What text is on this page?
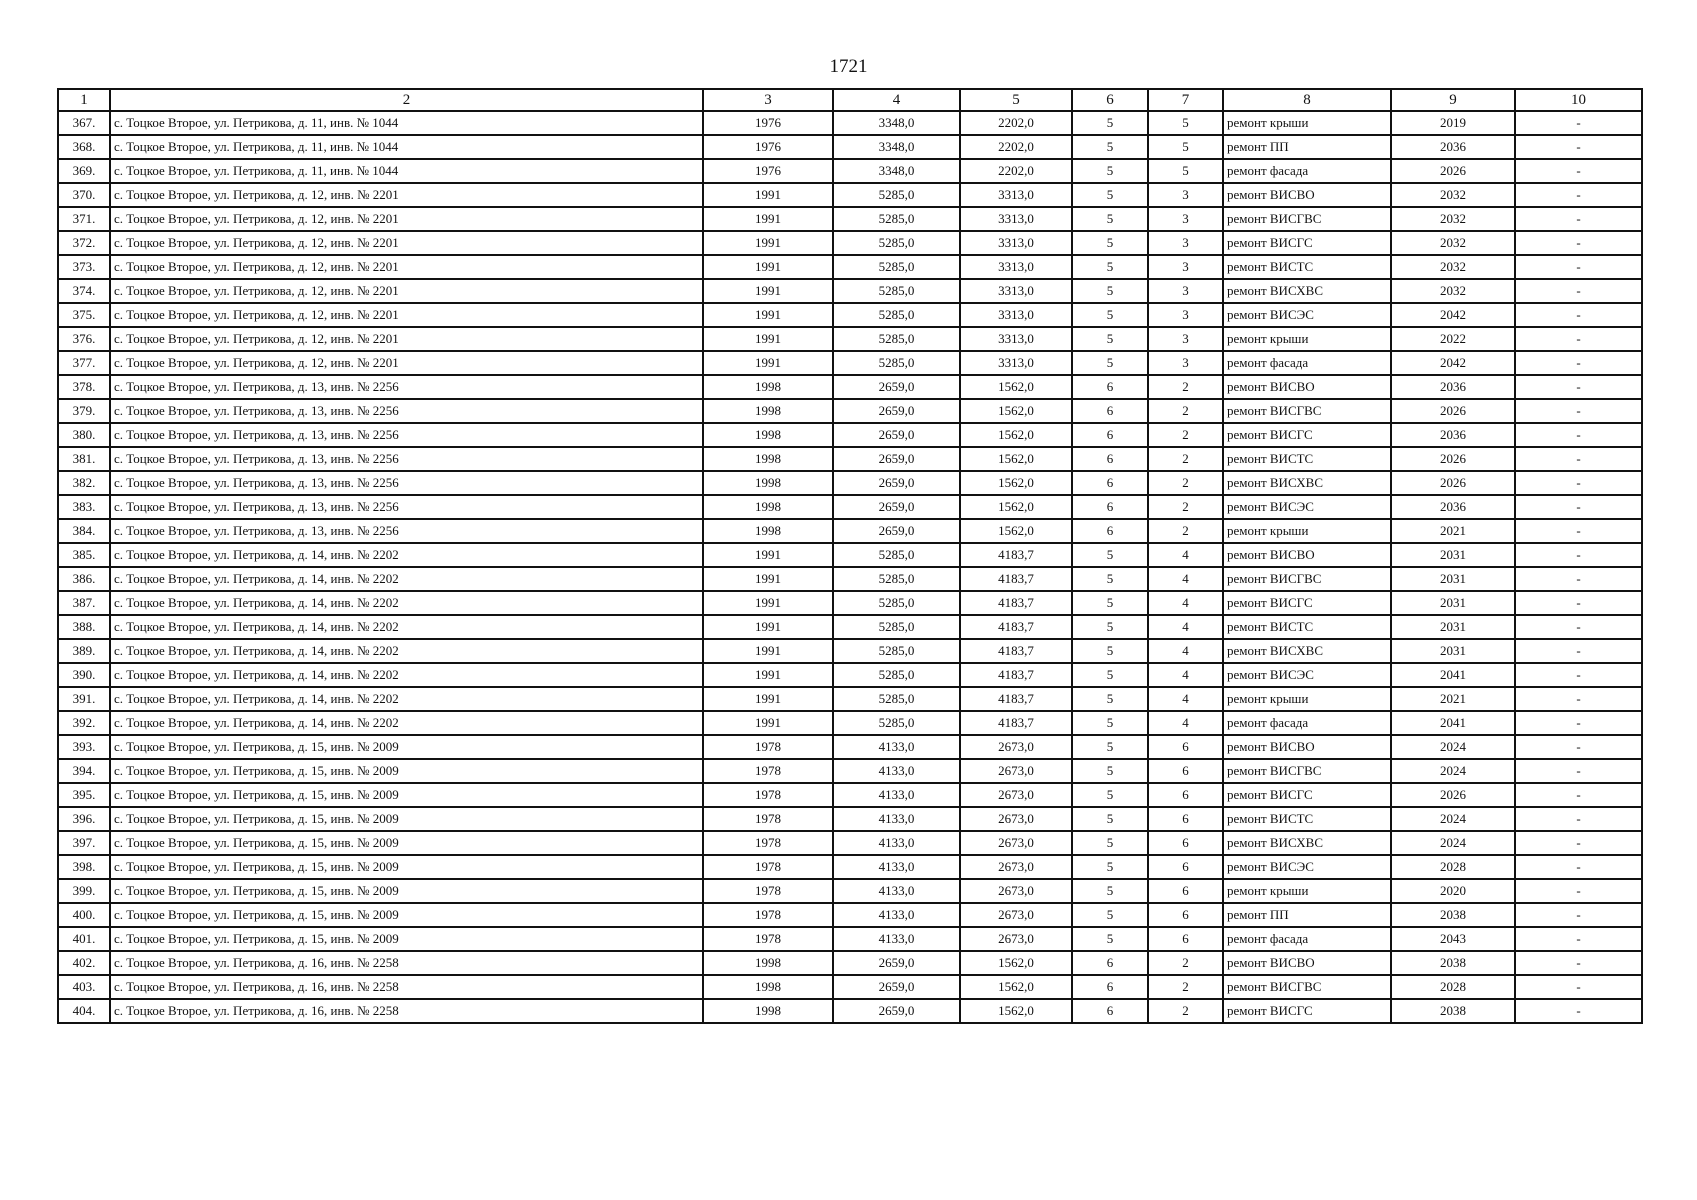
1721
1	2	3	4	5	6	7	8	9	10
367.	с. Тоцкое Второе, ул. Петрикова, д. 11, инв. № 1044	1976	3348,0	2202,0	5	5	ремонт крыши	2019	-
368.	с. Тоцкое Второе, ул. Петрикова, д. 11, инв. № 1044	1976	3348,0	2202,0	5	5	ремонт ПП	2036	-
369.	с. Тоцкое Второе, ул. Петрикова, д. 11, инв. № 1044	1976	3348,0	2202,0	5	5	ремонт фасада	2026	-
370.	с. Тоцкое Второе, ул. Петрикова, д. 12, инв. № 2201	1991	5285,0	3313,0	5	3	ремонт ВИСВО	2032	-
371.	с. Тоцкое Второе, ул. Петрикова, д. 12, инв. № 2201	1991	5285,0	3313,0	5	3	ремонт ВИСГВС	2032	-
372.	с. Тоцкое Второе, ул. Петрикова, д. 12, инв. № 2201	1991	5285,0	3313,0	5	3	ремонт ВИСГС	2032	-
373.	с. Тоцкое Второе, ул. Петрикова, д. 12, инв. № 2201	1991	5285,0	3313,0	5	3	ремонт ВИСТС	2032	-
374.	с. Тоцкое Второе, ул. Петрикова, д. 12, инв. № 2201	1991	5285,0	3313,0	5	3	ремонт ВИСХВС	2032	-
375.	с. Тоцкое Второе, ул. Петрикова, д. 12, инв. № 2201	1991	5285,0	3313,0	5	3	ремонт ВИСЭС	2042	-
376.	с. Тоцкое Второе, ул. Петрикова, д. 12, инв. № 2201	1991	5285,0	3313,0	5	3	ремонт крыши	2022	-
377.	с. Тоцкое Второе, ул. Петрикова, д. 12, инв. № 2201	1991	5285,0	3313,0	5	3	ремонт фасада	2042	-
378.	с. Тоцкое Второе, ул. Петрикова, д. 13, инв. № 2256	1998	2659,0	1562,0	6	2	ремонт ВИСВО	2036	-
379.	с. Тоцкое Второе, ул. Петрикова, д. 13, инв. № 2256	1998	2659,0	1562,0	6	2	ремонт ВИСГВС	2026	-
380.	с. Тоцкое Второе, ул. Петрикова, д. 13, инв. № 2256	1998	2659,0	1562,0	6	2	ремонт ВИСГС	2036	-
381.	с. Тоцкое Второе, ул. Петрикова, д. 13, инв. № 2256	1998	2659,0	1562,0	6	2	ремонт ВИСТС	2026	-
382.	с. Тоцкое Второе, ул. Петрикова, д. 13, инв. № 2256	1998	2659,0	1562,0	6	2	ремонт ВИСХВС	2026	-
383.	с. Тоцкое Второе, ул. Петрикова, д. 13, инв. № 2256	1998	2659,0	1562,0	6	2	ремонт ВИСЭС	2036	-
384.	с. Тоцкое Второе, ул. Петрикова, д. 13, инв. № 2256	1998	2659,0	1562,0	6	2	ремонт крыши	2021	-
385.	с. Тоцкое Второе, ул. Петрикова, д. 14, инв. № 2202	1991	5285,0	4183,7	5	4	ремонт ВИСВО	2031	-
386.	с. Тоцкое Второе, ул. Петрикова, д. 14, инв. № 2202	1991	5285,0	4183,7	5	4	ремонт ВИСГВС	2031	-
387.	с. Тоцкое Второе, ул. Петрикова, д. 14, инв. № 2202	1991	5285,0	4183,7	5	4	ремонт ВИСГС	2031	-
388.	с. Тоцкое Второе, ул. Петрикова, д. 14, инв. № 2202	1991	5285,0	4183,7	5	4	ремонт ВИСТС	2031	-
389.	с. Тоцкое Второе, ул. Петрикова, д. 14, инв. № 2202	1991	5285,0	4183,7	5	4	ремонт ВИСХВС	2031	-
390.	с. Тоцкое Второе, ул. Петрикова, д. 14, инв. № 2202	1991	5285,0	4183,7	5	4	ремонт ВИСЭС	2041	-
391.	с. Тоцкое Второе, ул. Петрикова, д. 14, инв. № 2202	1991	5285,0	4183,7	5	4	ремонт крыши	2021	-
392.	с. Тоцкое Второе, ул. Петрикова, д. 14, инв. № 2202	1991	5285,0	4183,7	5	4	ремонт фасада	2041	-
393.	с. Тоцкое Второе, ул. Петрикова, д. 15, инв. № 2009	1978	4133,0	2673,0	5	6	ремонт ВИСВО	2024	-
394.	с. Тоцкое Второе, ул. Петрикова, д. 15, инв. № 2009	1978	4133,0	2673,0	5	6	ремонт ВИСГВС	2024	-
395.	с. Тоцкое Второе, ул. Петрикова, д. 15, инв. № 2009	1978	4133,0	2673,0	5	6	ремонт ВИСГС	2026	-
396.	с. Тоцкое Второе, ул. Петрикова, д. 15, инв. № 2009	1978	4133,0	2673,0	5	6	ремонт ВИСТС	2024	-
397.	с. Тоцкое Второе, ул. Петрикова, д. 15, инв. № 2009	1978	4133,0	2673,0	5	6	ремонт ВИСХВС	2024	-
398.	с. Тоцкое Второе, ул. Петрикова, д. 15, инв. № 2009	1978	4133,0	2673,0	5	6	ремонт ВИСЭС	2028	-
399.	с. Тоцкое Второе, ул. Петрикова, д. 15, инв. № 2009	1978	4133,0	2673,0	5	6	ремонт крыши	2020	-
400.	с. Тоцкое Второе, ул. Петрикова, д. 15, инв. № 2009	1978	4133,0	2673,0	5	6	ремонт ПП	2038	-
401.	с. Тоцкое Второе, ул. Петрикова, д. 15, инв. № 2009	1978	4133,0	2673,0	5	6	ремонт фасада	2043	-
402.	с. Тоцкое Второе, ул. Петрикова, д. 16, инв. № 2258	1998	2659,0	1562,0	6	2	ремонт ВИСВО	2038	-
403.	с. Тоцкое Второе, ул. Петрикова, д. 16, инв. № 2258	1998	2659,0	1562,0	6	2	ремонт ВИСГВС	2028	-
404.	с. Тоцкое Второе, ул. Петрикова, д. 16, инв. № 2258	1998	2659,0	1562,0	6	2	ремонт ВИСГС	2038	-
